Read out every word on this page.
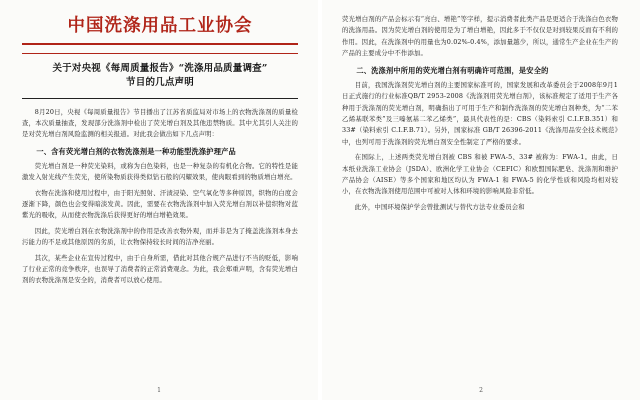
中国洗涤用品工业协会
关于对央视《每周质量报告》“洗涤用品质量调查”
节目的几点声明

8月20日，央视《每周质量报告》节目播出了江苏省质监局对市场上的衣物洗涤剂的质量检查，本次质量抽查，发现部分洗涤剂中检出了荧光增白剂及其他违禁物质。其中尤其引人关注的是对荧光增白剂风险监测的相关报道。对此我会做出如下几点声明：

一、含有荧光增白剂的衣物洗涤剂是一种功能型洗涤护理产品

荧光增白剂是一种荧光染料，或称为白色染料，也是一种复杂的有机化合物。它的特性是能激发入射光线产生荧光，使所染物质获得类似钻石般的闪耀效果，使肉眼看到的物质增白增亮。

衣物在洗涤和使用过程中，由于阳光照射、汗渍浸染、空气氧化等多种原因，织物的白度会逐渐下降，颜色也会变得暗淡发黄。因此，需要在衣物洗涤剂中加入荧光增白剂以补偿织物对蓝紫光的吸收，从而使衣物洗涤后获得更好的增白增艳效果。

因此，荧光增白剂在衣物洗涤剂中的作用是改善衣物外观，而并非是为了掩盖洗涤剂本身去污能力的不足或其他原因的劣质，让衣物保持较长时间的洁净亮丽。

其次，某些企业在宣传过程中，由于自身所需，借此对其他合规产品进行不当的贬低，影响了行业正常的竞争秩序，也误导了消费者的正常消费观念。为此，我会郑重声明，含有荧光增白剂的衣物洗涤剂是安全的，消费者可以放心使用。

1

荧光增白剂的产品会标示有“亮白、增艳”等字样，提示消费者此类产品是更适合于洗涤白色衣物的洗涤用品。因为荧光增白剂的使用是为了增白增艳，因此多于不仅仅是对到较果反而有不利的作用。因此，在洗涤剂中的用量也为0.02%-0.4%，添加量越少，所以，通常生产企业在生产的产品的主要成分中不作添加。

二、洗涤剂中所用的荧光增白剂有明确许可范围，是安全的

目前，我国洗涤剂荧光增白剂的主要国家标准可的，国家发展和改革委员会于2008年9月1日正式施行的行业标准QB/T 2953-2008《洗涤剂用荧光增白剂》，该标准规定了适用于生产各种用于洗涤剂的荧光增白剂，明确指出了可用于生产和制作洗涤剂的荧光增白剂种类，为“二苯乙烯基联苯类”及三嗪氨基二苯乙烯类”，最具代表性的是：CBS（染料索引 C.I.F.B.351）和33#（染料索引 C.I.F.B.71）。另外，国家标准 GB/T 26396-2011《洗涤用品安全技术规范》中，也列可用于洗涤剂的荧光增白剂安全性制定了严格的要求。

在国际上，上述两类荧光增白剂被 CBS 和被 FWA-5、33# 被称为：FWA-1。由此，日本纸业洗涤工业协会（JSDA）、欧洲化学工业协会（CEFIC）和欧盟国际肥皂、洗涤剂和维护产品协会（AISE）等多个国家和地区均认为 FWA-1 和 FWA-5 的化学性质和风险均相对较小，在衣物洗涤剂使用范围中可被对人体和环境的影响风险非常低。

此外，中国环境保护学会曾批测试与替代方法专业委员会和

2
